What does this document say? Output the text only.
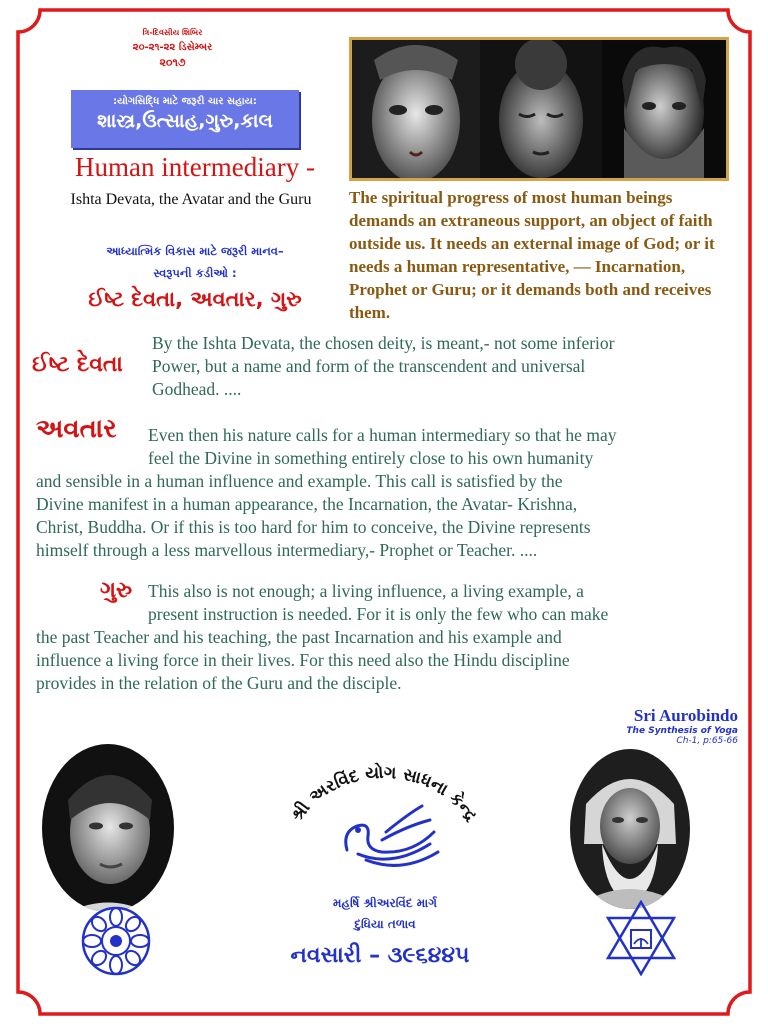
ત્રિ-દિવસીય શિબિર
૨૦-૨૧-૨૨ ડિસેમ્બર
૨૦૧૭
:યોગસિદ્ધિ માટે જરૂરી ચાર સહાય:
શાસ્ત્ર,ઉત્સાહ,ગુરુ,કાલ
Human intermediary -
Ishta Devata, the Avatar and the Guru
આધ્યાત્મિક વિકાસ માટે જરૂરી માનવ–
સ્વરૂપની કડીઓ :
ઈષ્ટ દેવતા, અવતાર, ગુરુ
The spiritual progress of most human beings demands an extraneous support, an object of faith outside us. It needs an external image of God; or it needs a human representative, — Incarnation, Prophet or Guru; or it demands both and receives them.
ઈષ્ટ દેવતા
By the Ishta Devata, the chosen deity, is meant,- not some inferior
Power, but a name and form of the transcendent and universal
Godhead. ....
અવતાર Even then his nature calls for a human intermediary so that he may
feel the Divine in something entirely close to his own humanity
and sensible in a human influence and example. This call is satisfied by the
Divine manifest in a human appearance, the Incarnation, the Avatar- Krishna,
Christ, Buddha. Or if this is too hard for him to conceive, the Divine represents
himself through a less marvellous intermediary,- Prophet or Teacher. ....
ગુરુ This also is not enough; a living influence, a living example, a
present instruction is needed. For it is only the few who can make
the past Teacher and his teaching, the past Incarnation and his example and
influence a living force in their lives. For this need also the Hindu discipline
provides in the relation of the Guru and the disciple.
Sri Aurobindo
The Synthesis of Yoga
Ch-1, p:65-66
શ્રી અરવિંદ યોગ સાધના કેન્દ્ર
મહર્ષિ શ્રીઅરવિંદ માર્ગ
દુધિયા તળાવ
નવસારી – ૩૯૬૪૪૫
